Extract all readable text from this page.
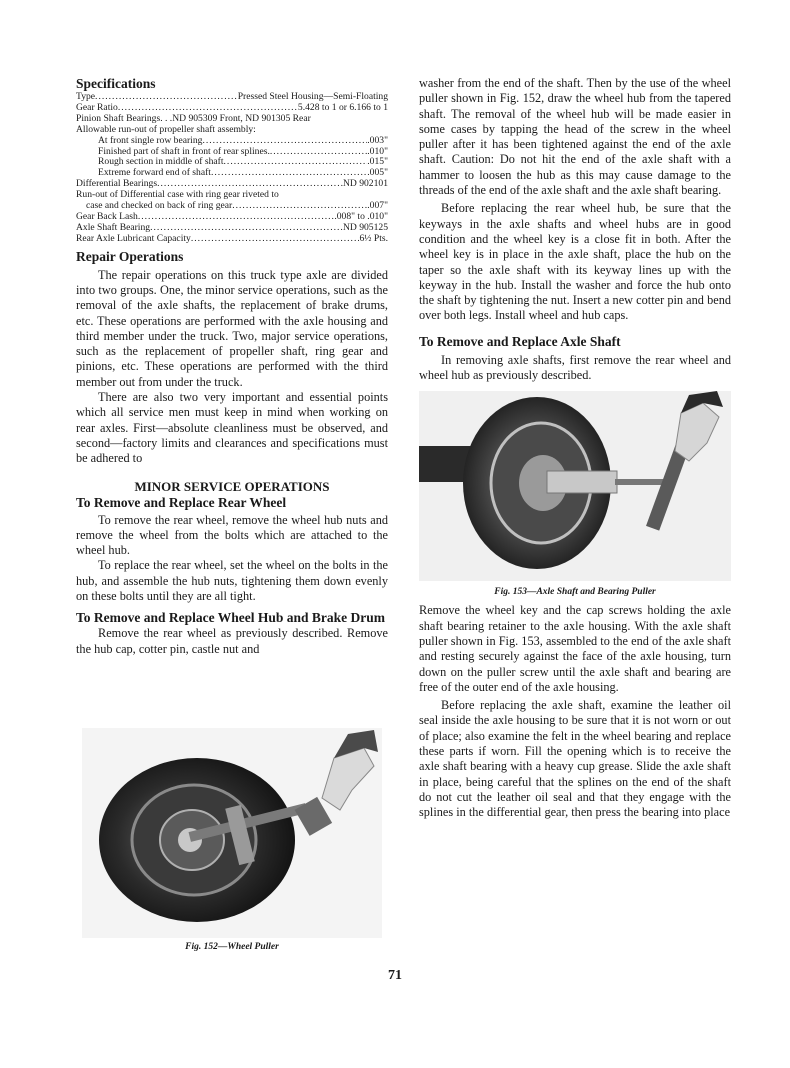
Specifications
Type .....	Pressed Steel Housing—Semi-Floating
Gear Ratio .....	5.428 to 1 or 6.166 to 1
Pinion Shaft Bearings. . .ND 905309 Front, ND 901305 Rear
Allowable run-out of propeller shaft assembly:
At front single row bearing .....	.003"
Finished part of shaft in front of rear splines. .....	.010"
Rough section in middle of shaft .....	.015"
Extreme forward end of shaft .....	.005"
Differential Bearings .....	ND 902101
Run-out of Differential case with ring gear riveted to
case and checked on back of ring gear .....	.007"
Gear Back Lash .....	.008" to .010"
Axle Shaft Bearing .....	ND 905125
Rear Axle Lubricant Capacity .....	6½ Pts.
Repair Operations

The repair operations on this truck type axle are divided into two groups. One, the minor service operations, such as the removal of the axle shafts, the replacement of brake drums, etc. These operations are performed with the axle housing and third member under the truck. Two, major service operations, such as the replacement of propeller shaft, ring gear and pinions, etc. These operations are performed with the third member out from under the truck.

There are also two very important and essential points which all service men must keep in mind when working on rear axles. First—absolute cleanliness must be observed, and second—factory limits and clearances and specifications must be adhered to

MINOR SERVICE OPERATIONS

To Remove and Replace Rear Wheel

To remove the rear wheel, remove the wheel hub nuts and remove the wheel from the bolts which are attached to the wheel hub.

To replace the rear wheel, set the wheel on the bolts in the hub, and assemble the hub nuts, tightening them down evenly on these bolts until they are all tight.

To Remove and Replace Wheel Hub and Brake Drum

Remove the rear wheel as previously described. Remove the hub cap, cotter pin, castle nut and

Fig. 152—Wheel Puller

washer from the end of the shaft. Then by the use of the wheel puller shown in Fig. 152, draw the wheel hub from the tapered shaft. The removal of the wheel hub will be made easier in some cases by tapping the head of the screw in the wheel puller after it has been tightened against the end of the axle shaft. Caution: Do not hit the end of the axle shaft with a hammer to loosen the hub as this may cause damage to the threads of the end of the axle shaft and the axle shaft bearing.

Before replacing the rear wheel hub, be sure that the keyways in the axle shafts and wheel hubs are in good condition and the wheel key is a close fit in both. After the wheel key is in place in the axle shaft, place the hub on the taper so the axle shaft with its keyway lines up with the keyway in the hub. Install the washer and force the hub onto the shaft by tightening the nut. Insert a new cotter pin and bend over both legs. Install wheel and hub caps.

To Remove and Replace Axle Shaft

In removing axle shafts, first remove the rear wheel and wheel hub as previously described.

Fig. 153—Axle Shaft and Bearing Puller

Remove the wheel key and the cap screws holding the axle shaft bearing retainer to the axle housing. With the axle shaft puller shown in Fig. 153, assembled to the end of the axle shaft and resting securely against the face of the axle housing, turn down on the puller screw until the axle shaft and bearing are free of the outer end of the axle housing.

Before replacing the axle shaft, examine the leather oil seal inside the axle housing to be sure that it is not worn or out of place; also examine the felt in the wheel bearing and replace these parts if worn. Fill the opening which is to receive the axle shaft bearing with a heavy cup grease. Slide the axle shaft in place, being careful that the splines on the end of the shaft do not cut the leather oil seal and that they engage with the splines in the differential gear, then press the bearing into place

71
